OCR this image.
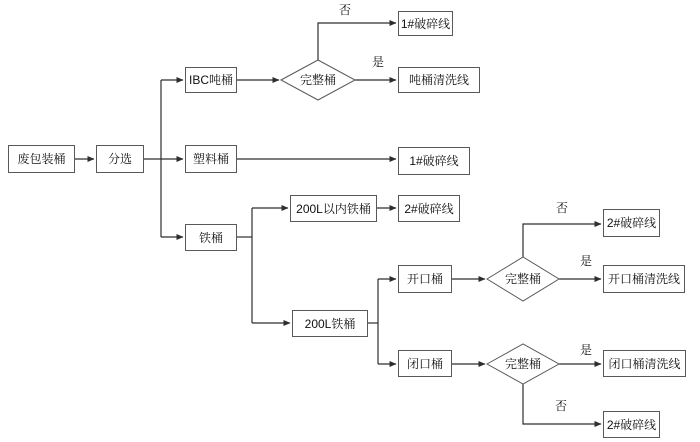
完整桶
完整桶
完整桶
废包装桶	分选
IBC吨桶
塑料桶
铁桶
1#破碎线
吨桶清洗线
1#破碎线
200L以内铁桶	2#破碎线
200L铁桶
开口桶
2#破碎线
开口桶清洗线
闭口桶	闭口桶清洗线
2#破碎线
否
是
否
是
是
否
